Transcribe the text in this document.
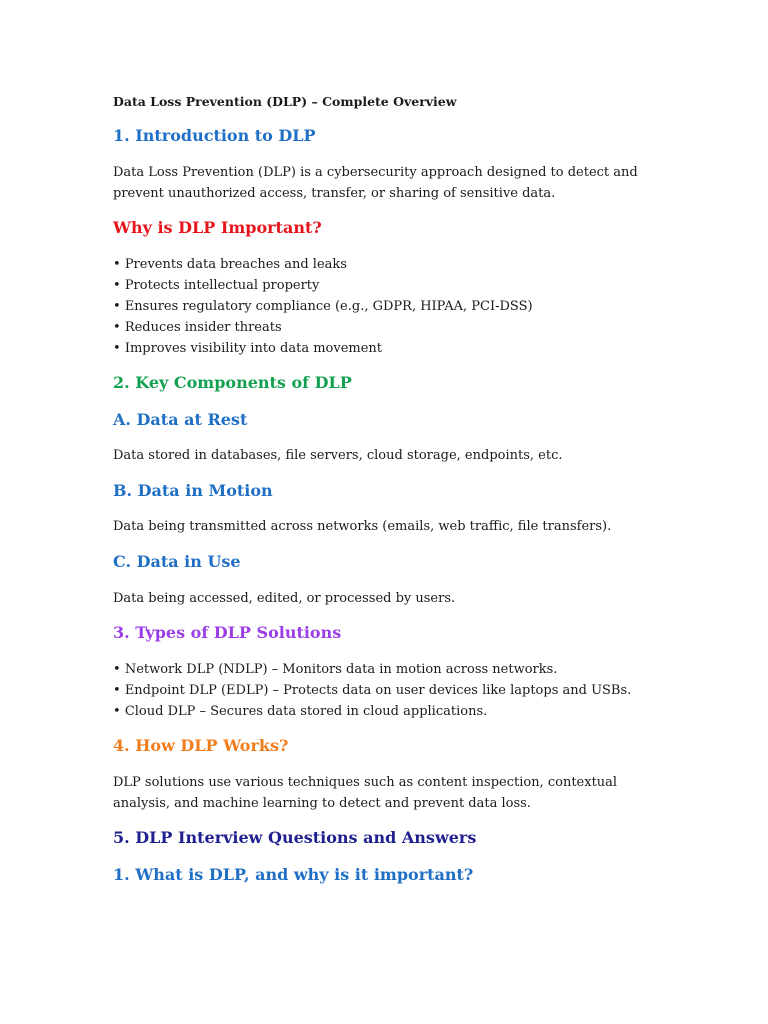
Data Loss Prevention (DLP) – Complete Overview
1. Introduction to DLP
Data Loss Prevention (DLP) is a cybersecurity approach designed to detect and
prevent unauthorized access, transfer, or sharing of sensitive data.
Why is DLP Important?
• Prevents data breaches and leaks
• Protects intellectual property
• Ensures regulatory compliance (e.g., GDPR, HIPAA, PCI-DSS)
• Reduces insider threats
• Improves visibility into data movement
2. Key Components of DLP
A. Data at Rest
Data stored in databases, file servers, cloud storage, endpoints, etc.
B. Data in Motion
Data being transmitted across networks (emails, web traffic, file transfers).
C. Data in Use
Data being accessed, edited, or processed by users.
3. Types of DLP Solutions
• Network DLP (NDLP) – Monitors data in motion across networks.
• Endpoint DLP (EDLP) – Protects data on user devices like laptops and USBs.
• Cloud DLP – Secures data stored in cloud applications.
4. How DLP Works?
DLP solutions use various techniques such as content inspection, contextual
analysis, and machine learning to detect and prevent data loss.
5. DLP Interview Questions and Answers
1. What is DLP, and why is it important?
